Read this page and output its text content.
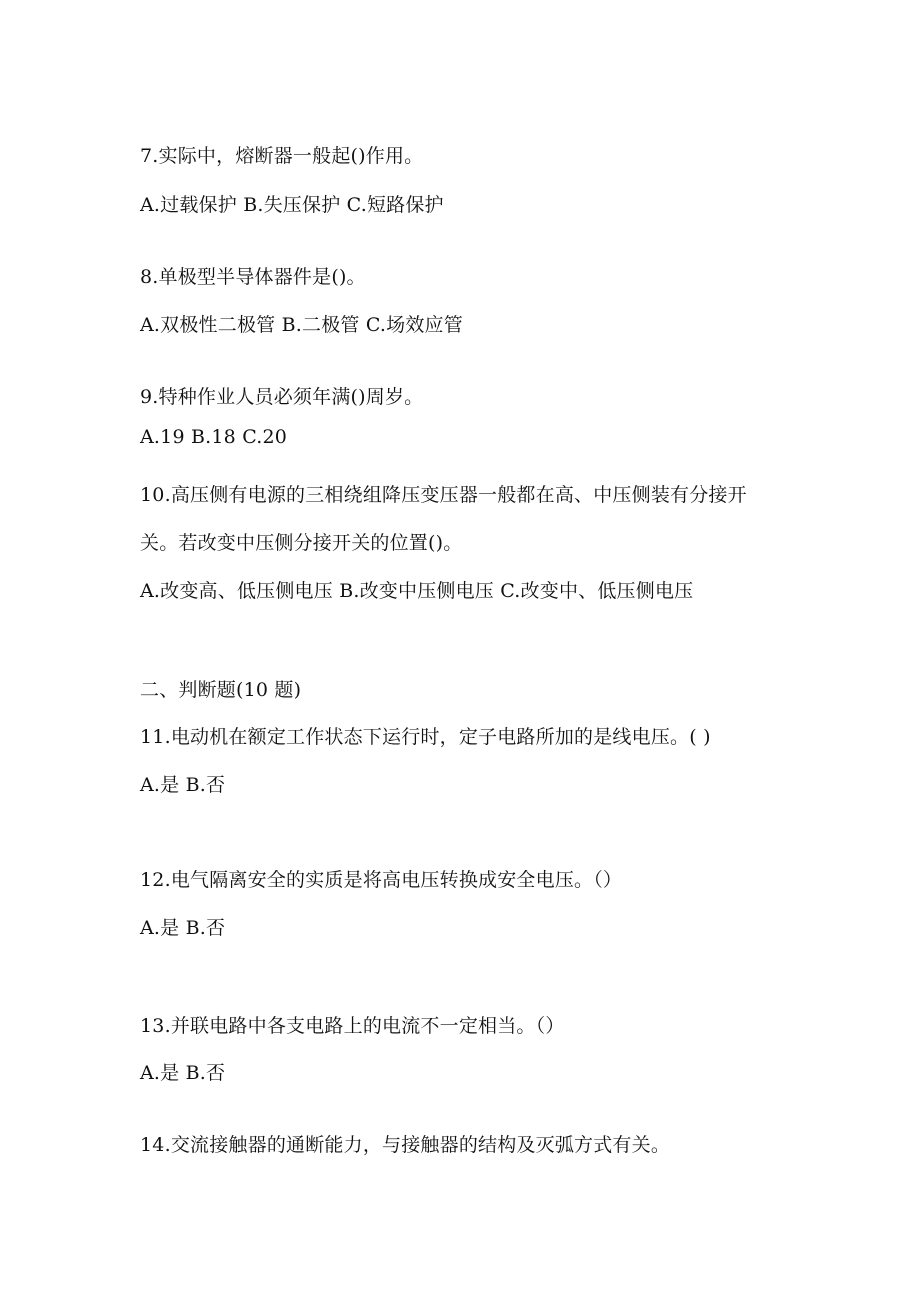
7.实际中，熔断器一般起()作用。

A.过载保护 B.失压保护 C.短路保护

8.单极型半导体器件是()。

A.双极性二极管 B.二极管 C.场效应管

9.特种作业人员必须年满()周岁。

A.19 B.18 C.20

10.高压侧有电源的三相绕组降压变压器一般都在高、中压侧装有分接开

关。若改变中压侧分接开关的位置()。

A.改变高、低压侧电压 B.改变中压侧电压 C.改变中、低压侧电压

二、判断题(10 题)

11.电动机在额定工作状态下运行时，定子电路所加的是线电压。( )

A.是 B.否

12.电气隔离安全的实质是将高电压转换成安全电压。（）

A.是 B.否

13.并联电路中各支电路上的电流不一定相当。（）

A.是 B.否

14.交流接触器的通断能力，与接触器的结构及灭弧方式有关。
